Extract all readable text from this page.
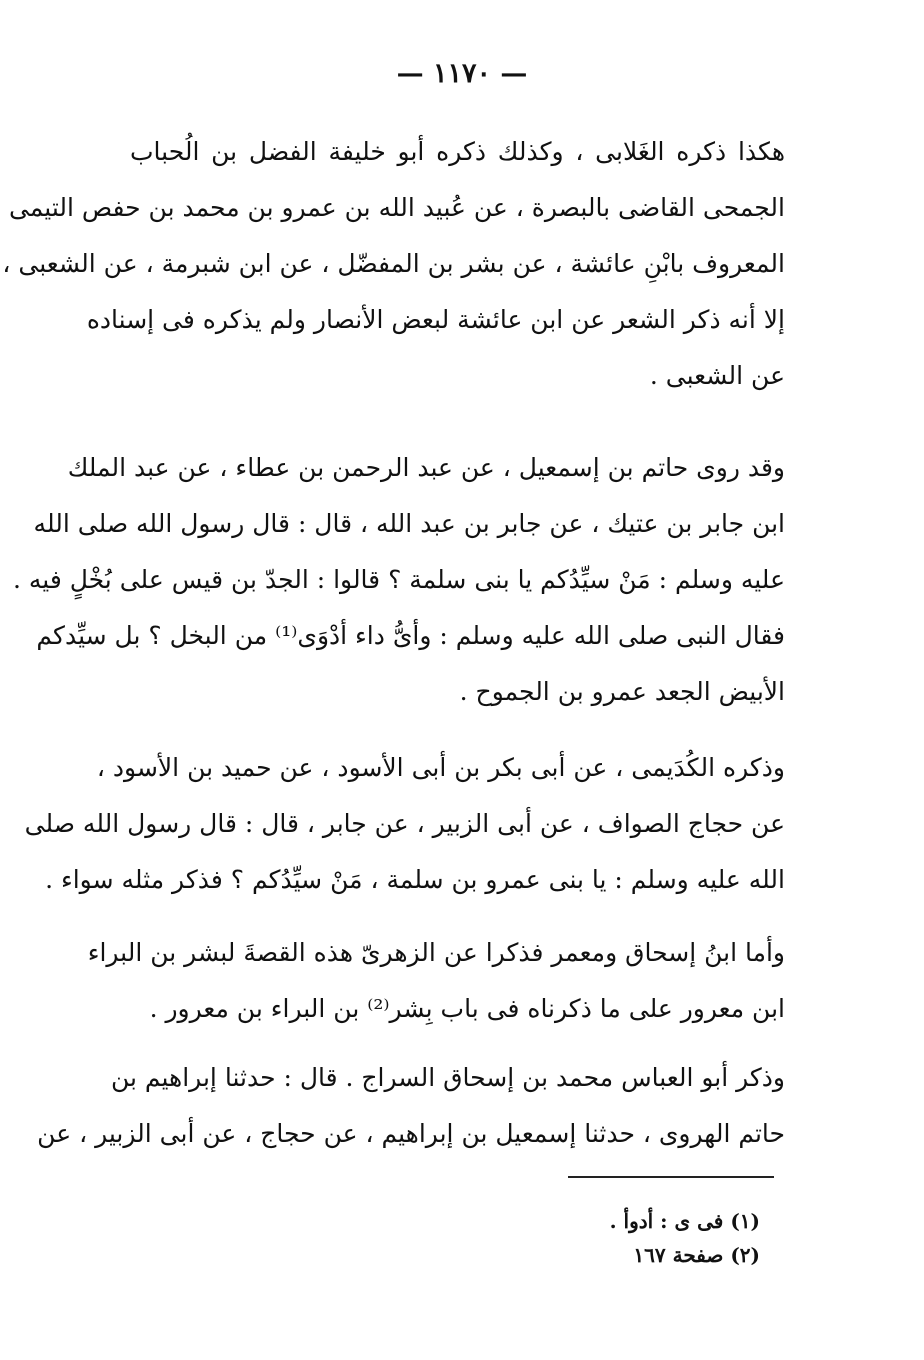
— ١١٧٠ —
هكذا ذكره الغَلابى ، وكذلك ذكره أبو خليفة الفضل بن الُحباب
الجمحى القاضى بالبصرة ، عن عُبيد الله بن عمرو بن محمد بن حفص التيمى
المعروف بابْنِ عائشة ، عن بشر بن المفضّل ، عن ابن شبرمة ، عن الشعبى ،
إلا أنه ذكر الشعر عن ابن عائشة لبعض الأنصار ولم يذكره فى إسناده
عن الشعبى .
وقد روى حاتم بن إسمعيل ، عن عبد الرحمن بن عطاء ، عن عبد الملك
ابن جابر بن عتيك ، عن جابر بن عبد الله ، قال : قال رسول الله صلى الله
عليه وسلم : مَنْ سيِّدُكم يا بنى سلمة ؟ قالوا : الجدّ بن قيس على بُخْلٍ فيه .
فقال النبى صلى الله عليه وسلم : وأىُّ داء أدْوَى⁽¹⁾ من البخل ؟ بل سيِّدكم
الأبيض الجعد عمرو بن الجموح .
وذكره الكُدَيمى ، عن أبى بكر بن أبى الأسود ، عن حميد بن الأسود ،
عن حجاج الصواف ، عن أبى الزبير ، عن جابر ، قال : قال رسول الله صلى
الله عليه وسلم : يا بنى عمرو بن سلمة ، مَنْ سيِّدُكم ؟ فذكر مثله سواء .
وأما ابنُ إسحاق ومعمر فذكرا عن الزهرىّ هذه القصةَ لبشر بن البراء
ابن معرور على ما ذكرناه فى باب بِشر⁽²⁾ بن البراء بن معرور .
وذكر أبو العباس محمد بن إسحاق السراج . قال : حدثنا إبراهيم بن
حاتم الهروى ، حدثنا إسمعيل بن إبراهيم ، عن حجاج ، عن أبى الزبير ، عن
(١) فى ى : أدوأ .
(٢) صفحة ١٦٧
